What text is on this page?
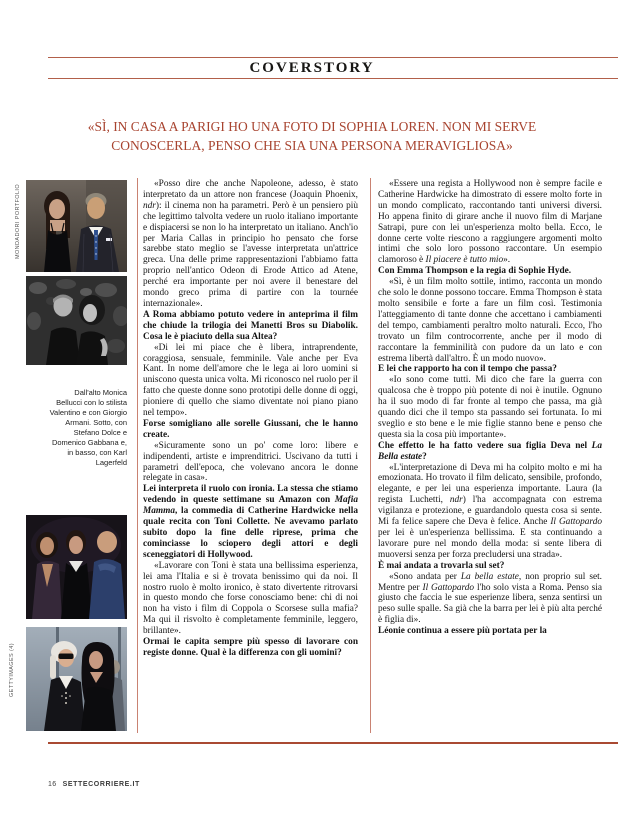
COVERSTORY
«SÌ, IN CASA A PARIGI HO UNA FOTO DI SOPHIA LOREN. NON MI SERVE
CONOSCERLA, PENSO CHE SIA UNA PERSONA MERAVIGLIOSA»
MONDADORI PORTFOLIO
Dall'alto Monica Bellucci con lo stilista Valentino e con Giorgio Armani. Sotto, con Stefano Dolce e Domenico Gabbana e, in basso, con Karl Lagerfeld
GETTYIMAGES (4)

«Posso dire che anche Napoleone, adesso, è stato interpretato da un attore non francese (Joaquin Phoenix, ndr): il cinema non ha parametri. Però è un pensiero più che legittimo talvolta vedere un ruolo italiano importante e dispiacersi se non lo ha interpretato un italiano. Anch'io per Maria Callas in principio ho pensato che forse sarebbe stato meglio se l'avesse interpretata un'attrice greca. Una delle prime rappresentazioni l'abbiamo fatta proprio nell'antico Odeon di Erode Attico ad Atene, perché era importante per noi avere il benestare del mondo greco prima di partire con la tournée internazionale».

A Roma abbiamo potuto vedere in anteprima il film che chiude la trilogia dei Manetti Bros su Diabolik. Cosa le è piaciuto della sua Altea?

«Di lei mi piace che è libera, intraprendente, coraggiosa, sensuale, femminile. Vale anche per Eva Kant. In nome dell'amore che le lega ai loro uomini si uniscono questa unica volta. Mi riconosco nel ruolo per il fatto che queste donne sono prototipi delle donne di oggi, pioniere di quello che siamo diventate noi piano piano nel tempo».

Forse somigliano alle sorelle Giussani, che le hanno create.

«Sicuramente sono un po' come loro: libere e indipendenti, artiste e imprenditrici. Uscivano da tutti i parametri dell'epoca, che volevano ancora le donne relegate in casa».

Lei interpreta il ruolo con ironia. La stessa che stiamo vedendo in queste settimane su Amazon con Mafia Mamma, la commedia di Catherine Hardwicke nella quale recita con Toni Collette. Ne avevamo parlato subito dopo la fine delle riprese, prima che cominciasse lo sciopero degli attori e degli sceneggiatori di Hollywood.

«Lavorare con Toni è stata una bellissima esperienza, lei ama l'Italia e si è trovata benissimo qui da noi. Il nostro ruolo è molto ironico, è stato divertente ritrovarsi in questo mondo che forse conosciamo bene: chi di noi non ha visto i film di Coppola o Scorsese sulla mafia? Ma qui il risvolto è completamente femminile, leggero, brillante».

Ormai le capita sempre più spesso di lavorare con registe donne. Qual è la differenza con gli uomini?

«Essere una regista a Hollywood non è sempre facile e Catherine Hardwicke ha dimostrato di essere molto forte in un mondo complicato, raccontando tanti universi diversi. Ho appena finito di girare anche il nuovo film di Marjane Satrapi, pure con lei un'esperienza molto bella. Ecco, le donne certe volte riescono a raggiungere argomenti molto intimi che solo loro possono raccontare. Un esempio clamoroso è Il piacere è tutto mio».

Con Emma Thompson e la regia di Sophie Hyde.

«Sì, è un film molto sottile, intimo, racconta un mondo che solo le donne possono toccare. Emma Thompson è stata molto sensibile e forte a fare un film così. Testimonia l'atteggiamento di tante donne che accettano i cambiamenti del tempo, cambiamenti peraltro molto naturali. Ecco, l'ho trovato un film controcorrente, anche per il modo di raccontare la femminilità con pudore da un lato e con estrema libertà dall'altro. È un modo nuovo».

E lei che rapporto ha con il tempo che passa?

«Io sono come tutti. Mi dico che fare la guerra con qualcosa che è troppo più potente di noi è inutile. Ognuno ha il suo modo di far fronte al tempo che passa, ma già quando dici che il tempo sta passando sei fortunata. Io mi sveglio e sto bene e le mie figlie stanno bene e penso che questa sia la cosa più importante».

Che effetto le ha fatto vedere sua figlia Deva nel La Bella estate?

«L'interpretazione di Deva mi ha colpito molto e mi ha emozionata. Ho trovato il film delicato, sensibile, profondo, elegante, e per lei una esperienza importante. Laura (la regista Luchetti, ndr) l'ha accompagnata con estrema vigilanza e protezione, e guardandolo questa cosa si sente. Mi fa felice sapere che Deva è felice. Anche Il Gattopardo per lei è un'esperienza bellissima. E sta continuando a lavorare pure nel mondo della moda: si sente libera di muoversi senza per forza precludersi una strada».

È mai andata a trovarla sul set?

«Sono andata per La bella estate, non proprio sul set. Mentre per Il Gattopardo l'ho solo vista a Roma. Penso sia giusto che faccia le sue esperienze libera, senza sentirsi un peso sulle spalle. Sa già che la barra per lei è più alta perché è figlia di».

Léonie continua a essere più portata per la

16 SETTECORRIERE.IT
